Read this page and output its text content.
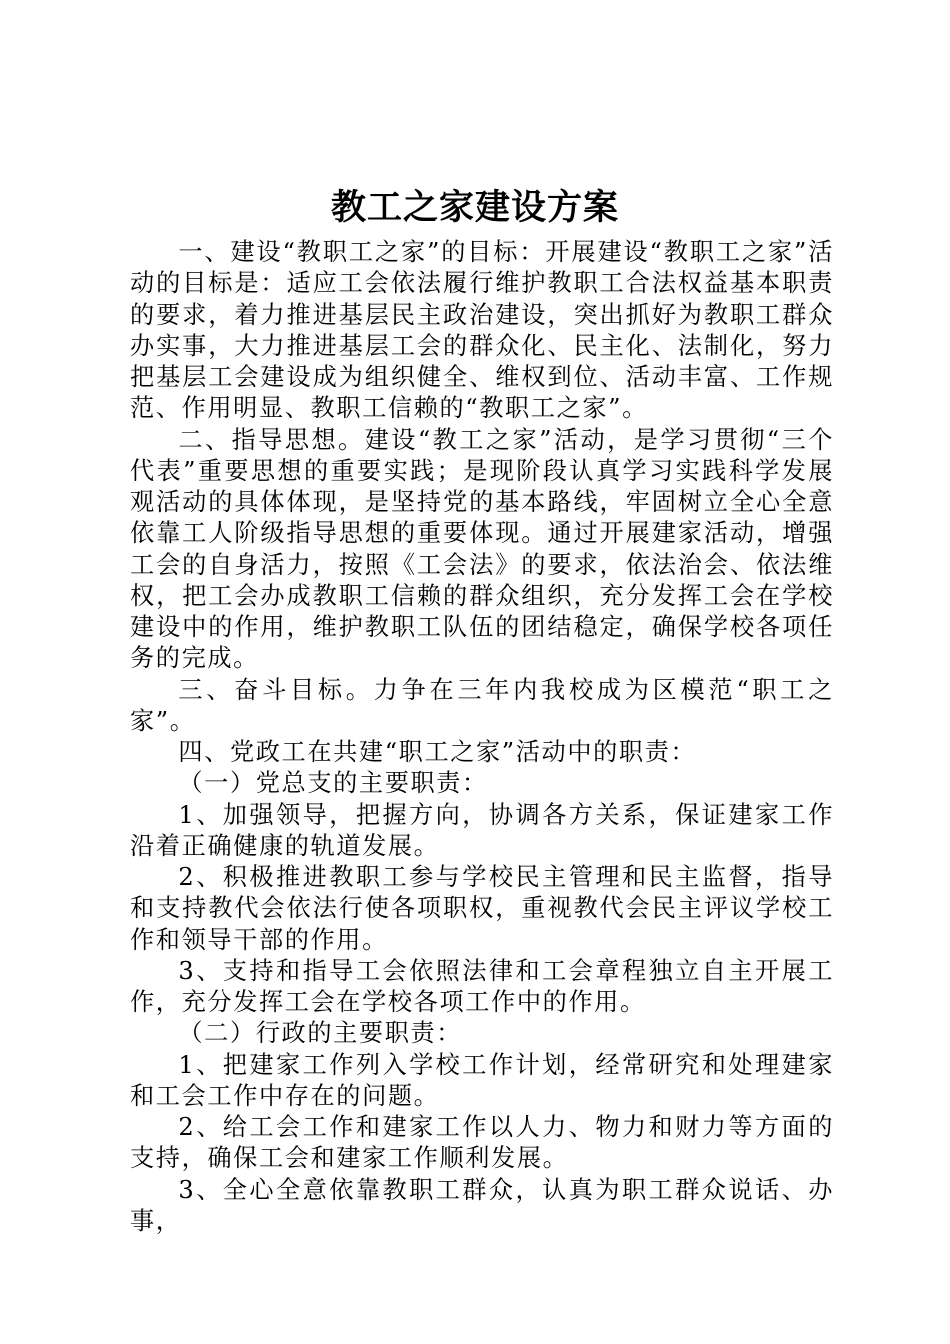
教工之家建设方案

一、建设“教职工之家”的目标：开展建设“教职工之家”活动的目标是：适应工会依法履行维护教职工合法权益基本职责的要求，着力推进基层民主政治建设，突出抓好为教职工群众办实事，大力推进基层工会的群众化、民主化、法制化，努力把基层工会建设成为组织健全、维权到位、活动丰富、工作规范、作用明显、教职工信赖的“教职工之家”。

二、指导思想。建设“教工之家”活动，是学习贯彻“三个代表”重要思想的重要实践；是现阶段认真学习实践科学发展观活动的具体体现，是坚持党的基本路线，牢固树立全心全意依靠工人阶级指导思想的重要体现。通过开展建家活动，增强工会的自身活力，按照《工会法》的要求，依法治会、依法维权，把工会办成教职工信赖的群众组织，充分发挥工会在学校建设中的作用，维护教职工队伍的团结稳定，确保学校各项任务的完成。

三、奋斗目标。力争在三年内我校成为区模范“职工之家”。

四、党政工在共建“职工之家”活动中的职责：

（一）党总支的主要职责：

1、加强领导，把握方向，协调各方关系，保证建家工作沿着正确健康的轨道发展。

2、积极推进教职工参与学校民主管理和民主监督，指导和支持教代会依法行使各项职权，重视教代会民主评议学校工作和领导干部的作用。

3、支持和指导工会依照法律和工会章程独立自主开展工作，充分发挥工会在学校各项工作中的作用。

（二）行政的主要职责：

1、把建家工作列入学校工作计划，经常研究和处理建家和工会工作中存在的问题。

2、给工会工作和建家工作以人力、物力和财力等方面的支持，确保工会和建家工作顺利发展。

3、全心全意依靠教职工群众，认真为职工群众说话、办事，
